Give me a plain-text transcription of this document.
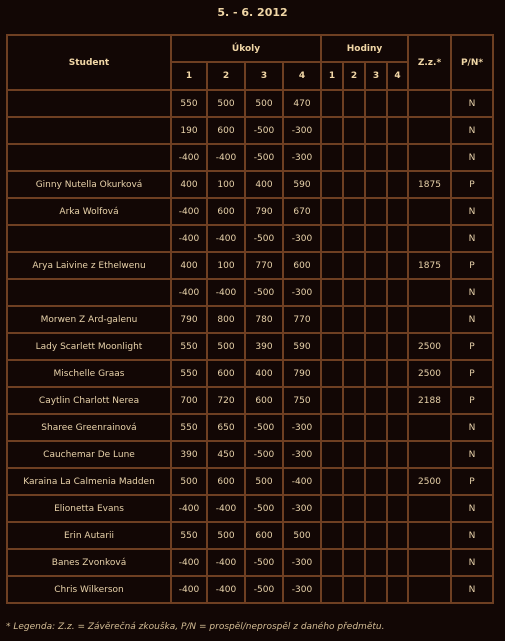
5. - 6. 2012
Student	Úkoly				Hodiny				Z.z.*	P/N*
	1	2	3	4	1	2	3	4		
	550	500	500	470						N
	190	600	-500	-300						N
	-400	-400	-500	-300						N
Ginny Nutella Okurková	400	100	400	590					1875	P
Arka Wolfová	-400	600	790	670						N
	-400	-400	-500	-300						N
Arya Laivine z Ethelwenu	400	100	770	600					1875	P
	-400	-400	-500	-300						N
Morwen Z Ard-galenu	790	800	780	770						N
Lady Scarlett Moonlight	550	500	390	590					2500	P
Mischelle Graas	550	600	400	790					2500	P
Caytlin Charlott Nerea	700	720	600	750					2188	P
Sharee Greenrainová	550	650	-500	-300						N
Cauchemar De Lune	390	450	-500	-300						N
Karaina La Calmenia Madden	500	600	500	-400					2500	P
Elionetta Evans	-400	-400	-500	-300						N
Erin Autarii	550	500	600	500						N
Banes Zvonková	-400	-400	-500	-300						N
Chris Wilkerson	-400	-400	-500	-300						N
* Legenda: Z.z. = Závěrečná zkouška, P/N = prospěl/neprospěl z daného předmětu.
